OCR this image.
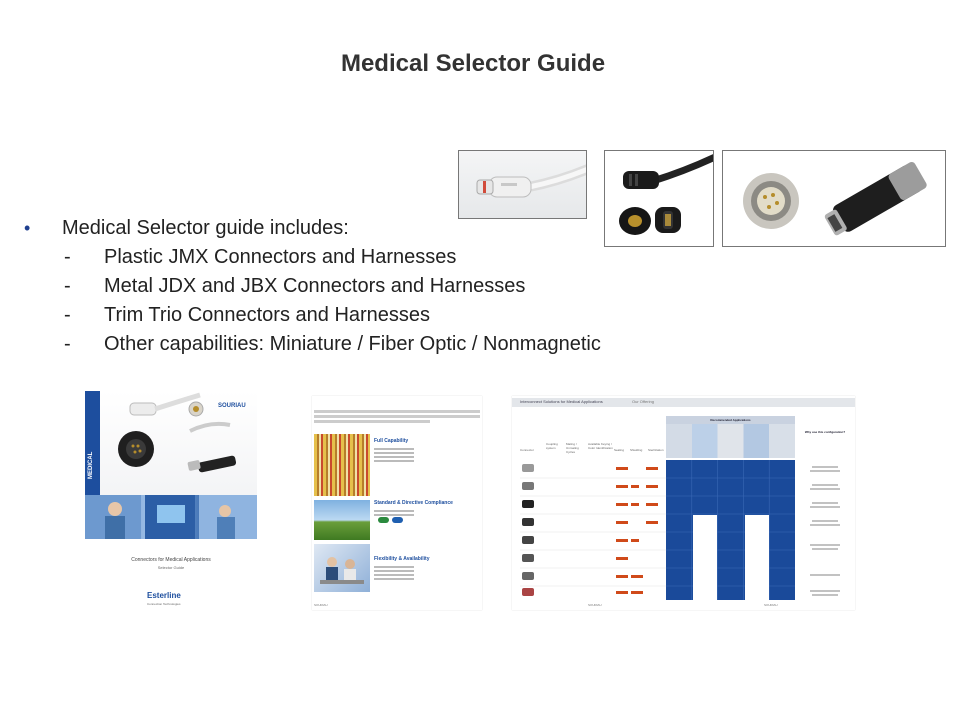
Medical Selector Guide
•	Medical Selector guide includes:
-	Plastic JMX Connectors and Harnesses
-	Metal JDX and JBX Connectors and Harnesses
-	Trim Trio Connectors and Harnesses
-	Other capabilities: Miniature / Fiber Optic / Nonmagnetic
MEDICAL
SOURIAU
Connectors for Medical Applications
Selector Guide
Esterline
Connection Technologies
Full Capability
Standard & Directive Compliance
Flexibility & Availability
SOURIAU
Interconnect Solutions for Medical Applications	Our Offering
Recommended Applications
Why use this configuration?
Connector
Coupling system
Mating / Unmating Cycles
Available Keying / Color Identification Sealing	Shielding	Sterilization
SOURIAU	SOURIAU
